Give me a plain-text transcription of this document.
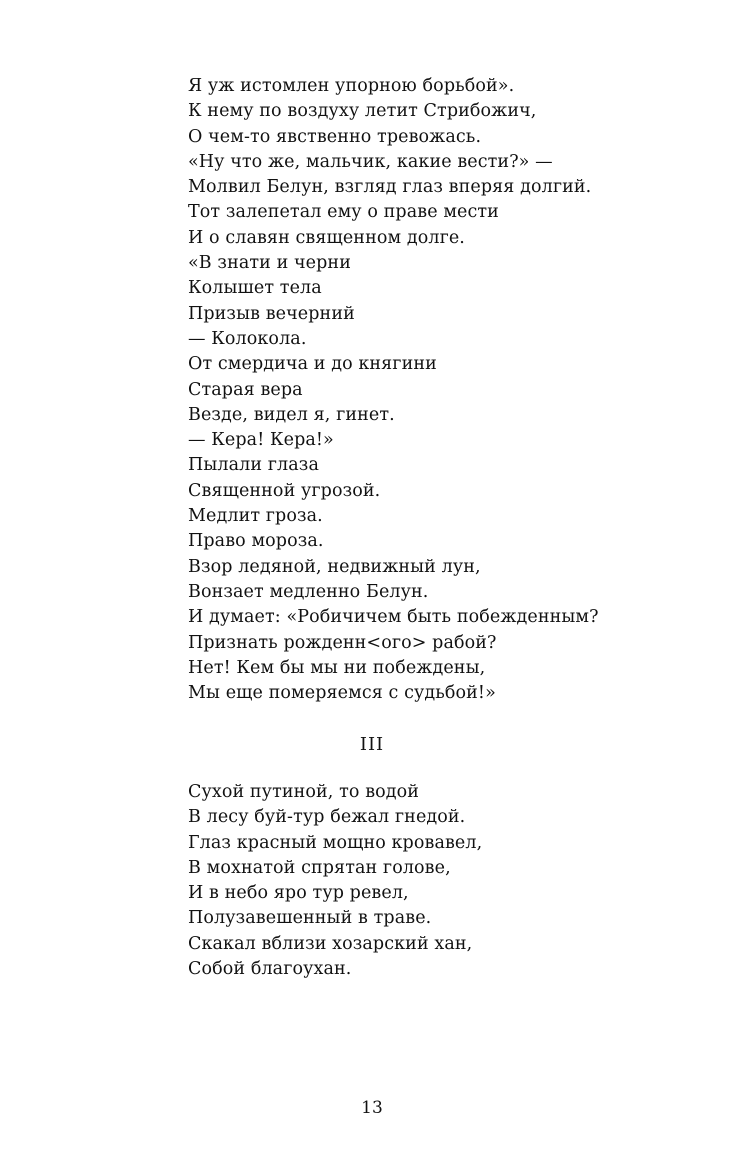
Я уж истомлен упорною борьбой».
К нему по воздуху летит Стрибожич,
О чем-то явственно тревожась.
«Ну что же, мальчик, какие вести?» —
Молвил Белун, взгляд глаз вперяя долгий.
Тот залепетал ему о праве мести
И о славян священном долге.
«В знати и черни
Колышет тела
Призыв вечерний
— Колокола.
От смердича и до княгини
Старая вера
Везде, видел я, гинет.
— Кера! Кера!»
Пылали глаза
Священной угрозой.
Медлит гроза.
Право мороза.
Взор ледяной, недвижный лун,
Вонзает медленно Белун.
И думает: «Робичичем быть побежденным?
Признать рожденн<ого> рабой?
Нет! Кем бы мы ни побеждены,
Мы еще померяемся с судьбой!»
III
Сухой путиной, то водой
В лесу буй-тур бежал гнедой.
Глаз красный мощно кровавел,
В мохнатой спрятан голове,
И в небо яро тур ревел,
Полузавешенный в траве.
Скакал вблизи хозарский хан,
Собой благоухан.
13
